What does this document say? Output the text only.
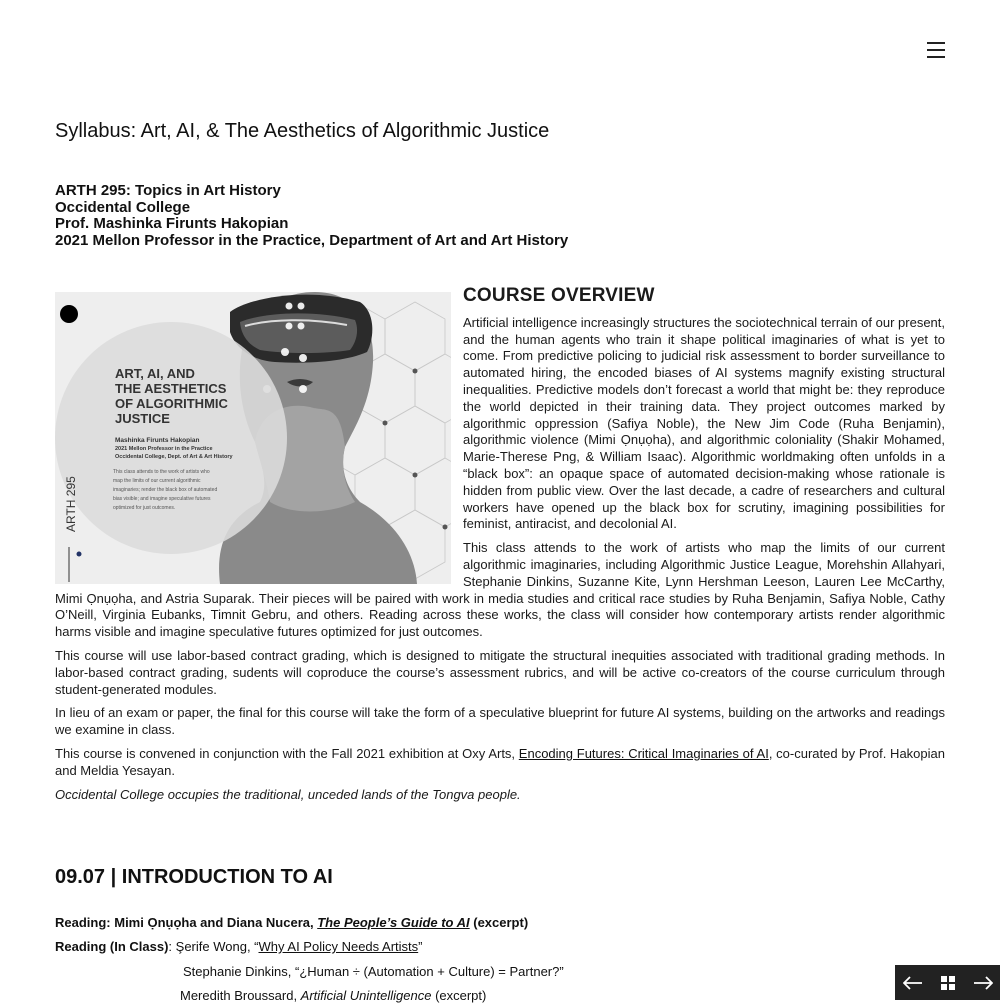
Syllabus: Art, AI, & The Aesthetics of Algorithmic Justice
ARTH 295: Topics in Art History
Occidental College
Prof. Mashinka Firunts Hakopian
2021 Mellon Professor in the Practice, Department of Art and Art History
ART, AI, AND
THE AESTHETICS
OF ALGORITHMIC
JUSTICE
Mashinka Firunts Hakopian
2021 Mellon Professor in the Practice
Occidental College, Dept. of Art & Art History
This class attends to the work of artists who
map the limits of our current algorithmic
imaginaries; render the black box of automated
bias visible; and imagine speculative futures
optimized for just outcomes.
ARTH 295
COURSE OVERVIEW

Artificial intelligence increasingly structures the sociotechnical terrain of our present, and the human agents who train it shape political imaginaries of what is yet to come. From predictive policing to judicial risk assessment to border surveillance to automated hiring, the encoded biases of AI systems magnify existing structural inequalities. Predictive models don’t forecast a world that might be: they reproduce the world depicted in their training data. They project outcomes marked by algorithmic oppression (Safiya Noble), the New Jim Code (Ruha Benjamin), algorithmic violence (Mimi Ọnụọha), and algorithmic coloniality (Shakir Mohamed, Marie-Therese Png, & William Isaac). Algorithmic worldmaking often unfolds in a “black box”: an opaque space of automated decision-making whose rationale is hidden from public view. Over the last decade, a cadre of researchers and cultural workers have opened up the black box for scrutiny, imagining possibilities for feminist, antiracist, and decolonial AI.

This class attends to the work of artists who map the limits of our current algorithmic imaginaries, including Algorithmic Justice League, Morehshin Allahyari, Stephanie Dinkins, Suzanne Kite, Lynn Hershman Leeson, Lauren Lee McCarthy, Mimi Ọnụọha, and Astria Suparak. Their pieces will be paired with work in media studies and critical race studies by Ruha Benjamin, Safiya Noble, Cathy O’Neill, Virginia Eubanks, Timnit Gebru, and others. Reading across these works, the class will consider how contemporary artists render algorithmic harms visible and imagine speculative futures optimized for just outcomes.

This course will use labor-based contract grading, which is designed to mitigate the structural inequities associated with traditional grading methods. In labor-based contract grading, sudents will coproduce the course’s assessment rubrics, and will be active co-creators of the course curriculum through student-generated modules.

In lieu of an exam or paper, the final for this course will take the form of a speculative blueprint for future AI systems, building on the artworks and readings we examine in class.

This course is convened in conjunction with the Fall 2021 exhibition at Oxy Arts, Encoding Futures: Critical Imaginaries of AI, co-curated by Prof. Hakopian and Meldia Yesayan.

Occidental College occupies the traditional, unceded lands of the Tongva people.

09.07 | INTRODUCTION TO AI
Reading: Mimi Ọnụọha and Diana Nucera, The People’s Guide to AI (excerpt)
Reading (In Class): Şerife Wong, “Why AI Policy Needs Artists”
Stephanie Dinkins, “¿Human ÷ (Automation + Culture) = Partner?”
Meredith Broussard, Artificial Unintelligence (excerpt)
